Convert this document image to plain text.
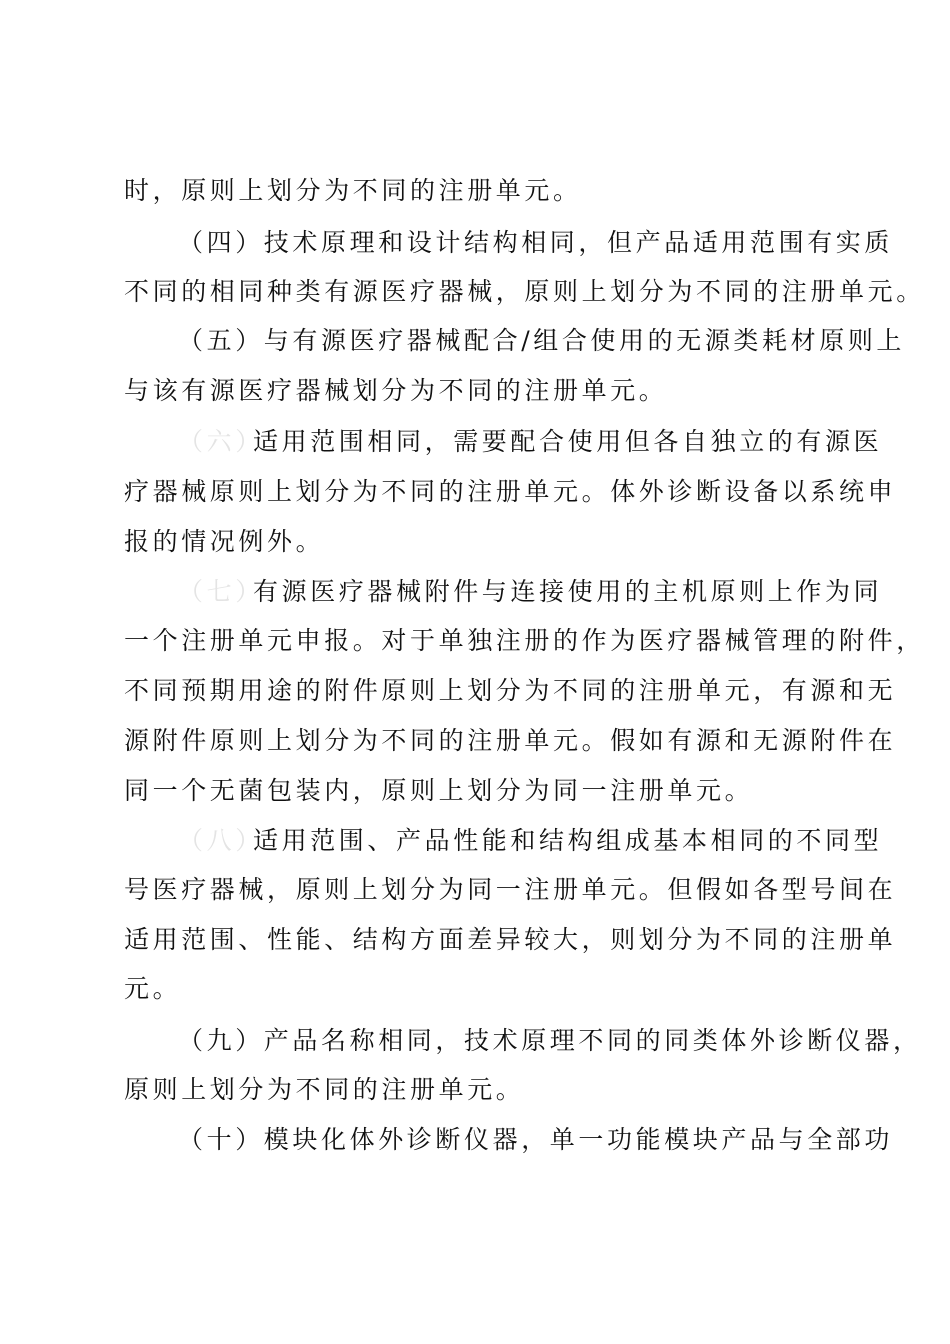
时，原则上划分为不同的注册单元。
（四）技术原理和设计结构相同，但产品适用范围有实质
不同的相同种类有源医疗器械，原则上划分为不同的注册单元。
（五）与有源医疗器械配合/组合使用的无源类耗材原则上
与该有源医疗器械划分为不同的注册单元。
（六）
适用范围相同，需要配合使用但各自独立的有源医
疗器械原则上划分为不同的注册单元。体外诊断设备以系统申
报的情况例外。
（七）
有源医疗器械附件与连接使用的主机原则上作为同
一个注册单元申报。对于单独注册的作为医疗器械管理的附件，
不同预期用途的附件原则上划分为不同的注册单元，有源和无
源附件原则上划分为不同的注册单元。假如有源和无源附件在
同一个无菌包装内，原则上划分为同一注册单元。
（八）
适用范围、产品性能和结构组成基本相同的不同型
号医疗器械，原则上划分为同一注册单元。但假如各型号间在
适用范围、性能、结构方面差异较大，则划分为不同的注册单
元。
（九）产品名称相同，技术原理不同的同类体外诊断仪器，
原则上划分为不同的注册单元。
（十）模块化体外诊断仪器，单一功能模块产品与全部功
